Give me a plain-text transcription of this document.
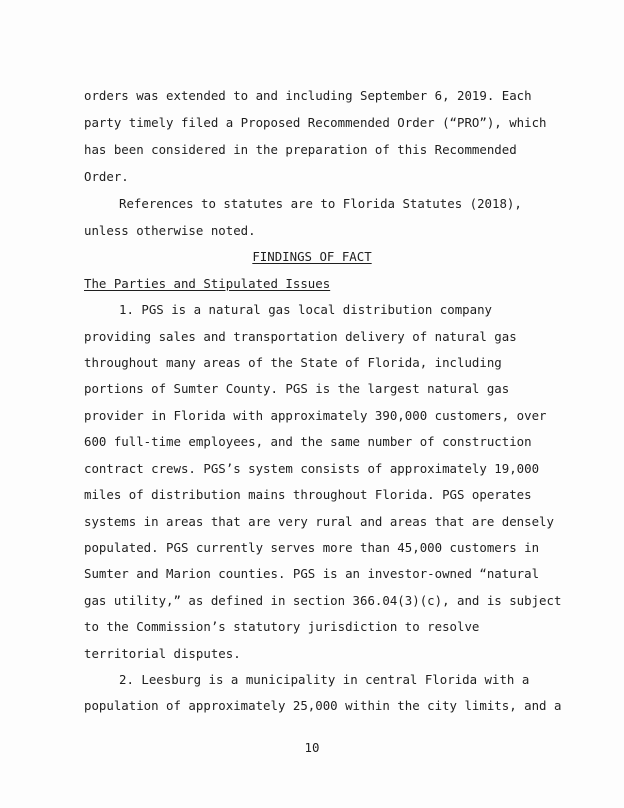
orders was extended to and including September 6, 2019. Each
party timely filed a Proposed Recommended Order (“PRO”), which
has been considered in the preparation of this Recommended
Order.
References to statutes are to Florida Statutes (2018),
unless otherwise noted.
FINDINGS OF FACT
The Parties and Stipulated Issues
1. PGS is a natural gas local distribution company
providing sales and transportation delivery of natural gas
throughout many areas of the State of Florida, including
portions of Sumter County. PGS is the largest natural gas
provider in Florida with approximately 390,000 customers, over
600 full-time employees, and the same number of construction
contract crews. PGS’s system consists of approximately 19,000
miles of distribution mains throughout Florida. PGS operates
systems in areas that are very rural and areas that are densely
populated. PGS currently serves more than 45,000 customers in
Sumter and Marion counties. PGS is an investor-owned “natural
gas utility,” as defined in section 366.04(3)(c), and is subject
to the Commission’s statutory jurisdiction to resolve
territorial disputes.
2. Leesburg is a municipality in central Florida with a
population of approximately 25,000 within the city limits, and a
10
